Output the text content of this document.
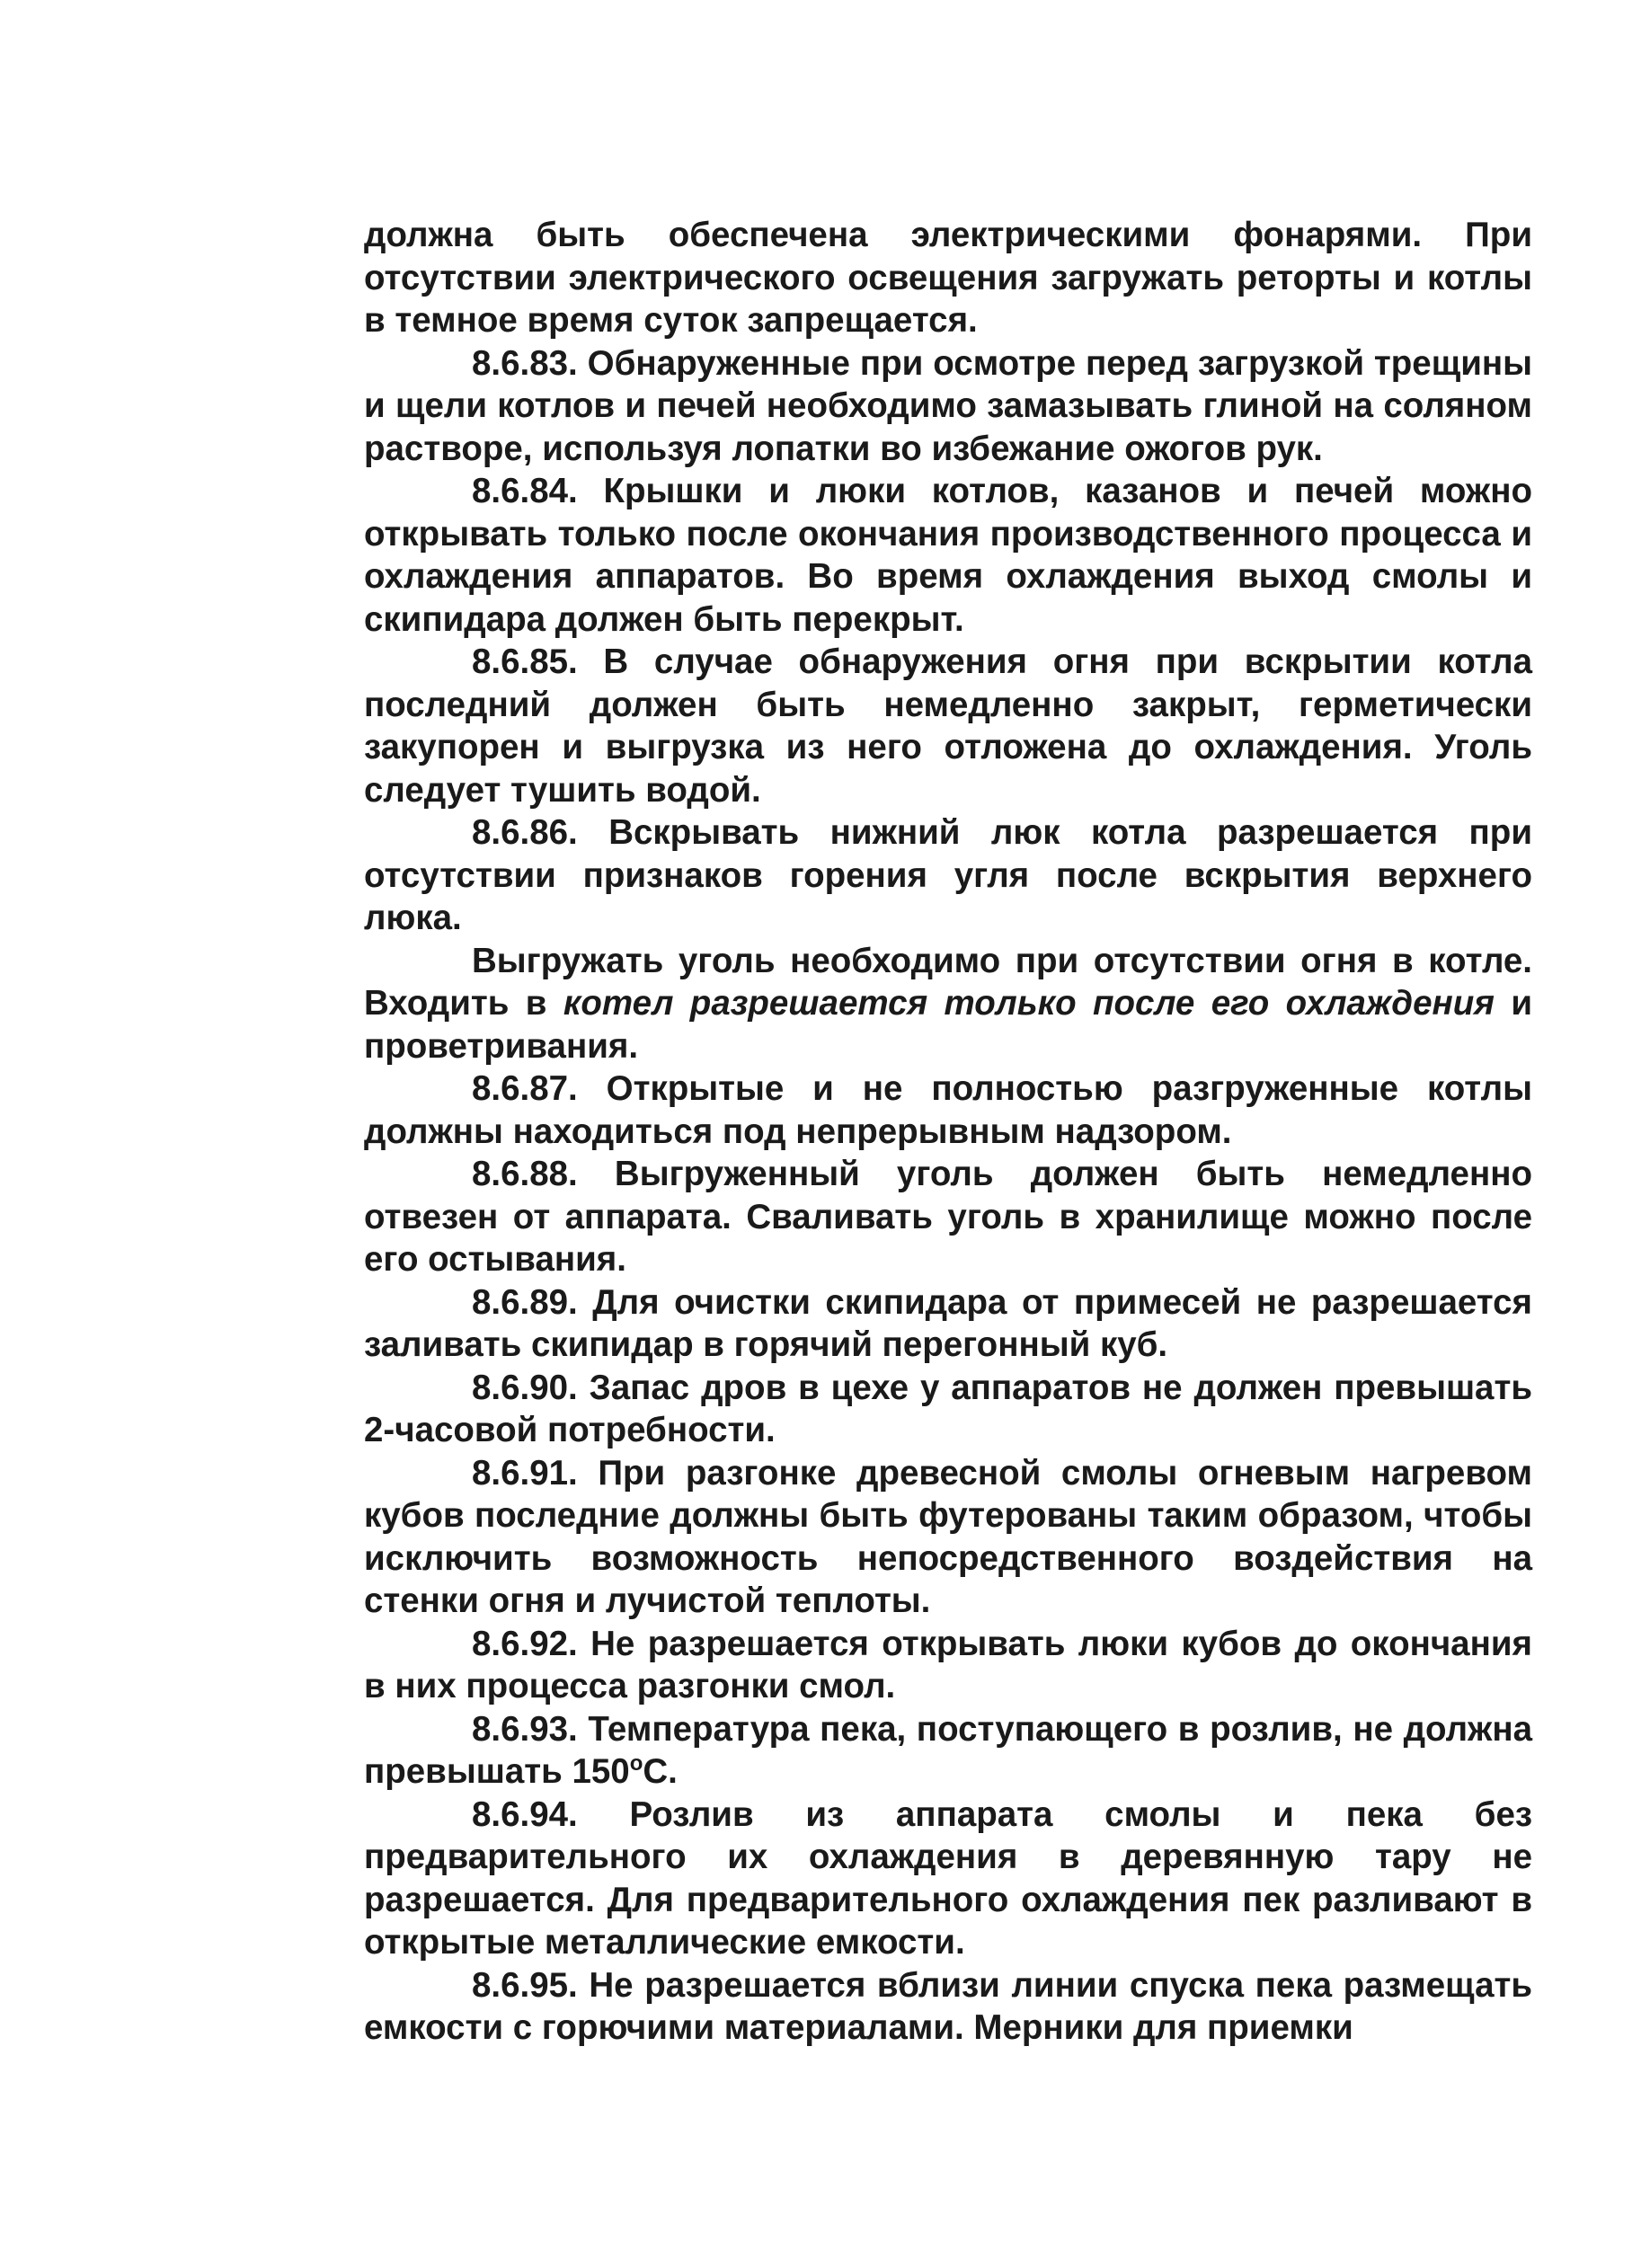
должна быть обеспечена электрическими фонарями. При отсутствии электрического освещения загружать реторты и котлы в темное время суток запрещается.

8.6.83. Обнаруженные при осмотре перед загрузкой трещины и щели котлов и печей необходимо замазывать глиной на соляном растворе, используя лопатки во избежание ожогов рук.

8.6.84. Крышки и люки котлов, казанов и печей можно открывать только после окончания производственного процесса и охлаждения аппаратов. Во время охлаждения выход смолы и скипидара должен быть перекрыт.

8.6.85. В случае обнаружения огня при вскрытии котла последний должен быть немедленно закрыт, герметически закупорен и выгрузка из него отложена до охлаждения. Уголь следует тушить водой.

8.6.86. Вскрывать нижний люк котла разрешается при отсутствии признаков горения угля после вскрытия верхнего люка.

Выгружать уголь необходимо при отсутствии огня в котле. Входить в котел разрешается только после его охлаждения и проветривания.

8.6.87. Открытые и не полностью разгруженные котлы должны находиться под непрерывным надзором.

8.6.88. Выгруженный уголь должен быть немедленно отвезен от аппарата. Сваливать уголь в хранилище можно после его остывания.

8.6.89. Для очистки скипидара от примесей не разрешается заливать скипидар в горячий перегонный куб.

8.6.90. Запас дров в цехе у аппаратов не должен превышать 2-часовой потребности.

8.6.91. При разгонке древесной смолы огневым нагревом кубов последние должны быть футерованы таким образом, чтобы исключить возможность непосредственного воздействия на стенки огня и лучистой теплоты.

8.6.92. Не разрешается открывать люки кубов до окончания в них процесса разгонки смол.

8.6.93. Температура пека, поступающего в розлив, не должна превышать $150^оС$.

8.6.94. Розлив из аппарата смолы и пека без предварительного их охлаждения в деревянную тару не разрешается. Для предварительного охлаждения пек разливают в открытые металлические емкости.

8.6.95. Не разрешается вблизи линии спуска пека размещать емкости с горючими материалами. Мерники для приемки
